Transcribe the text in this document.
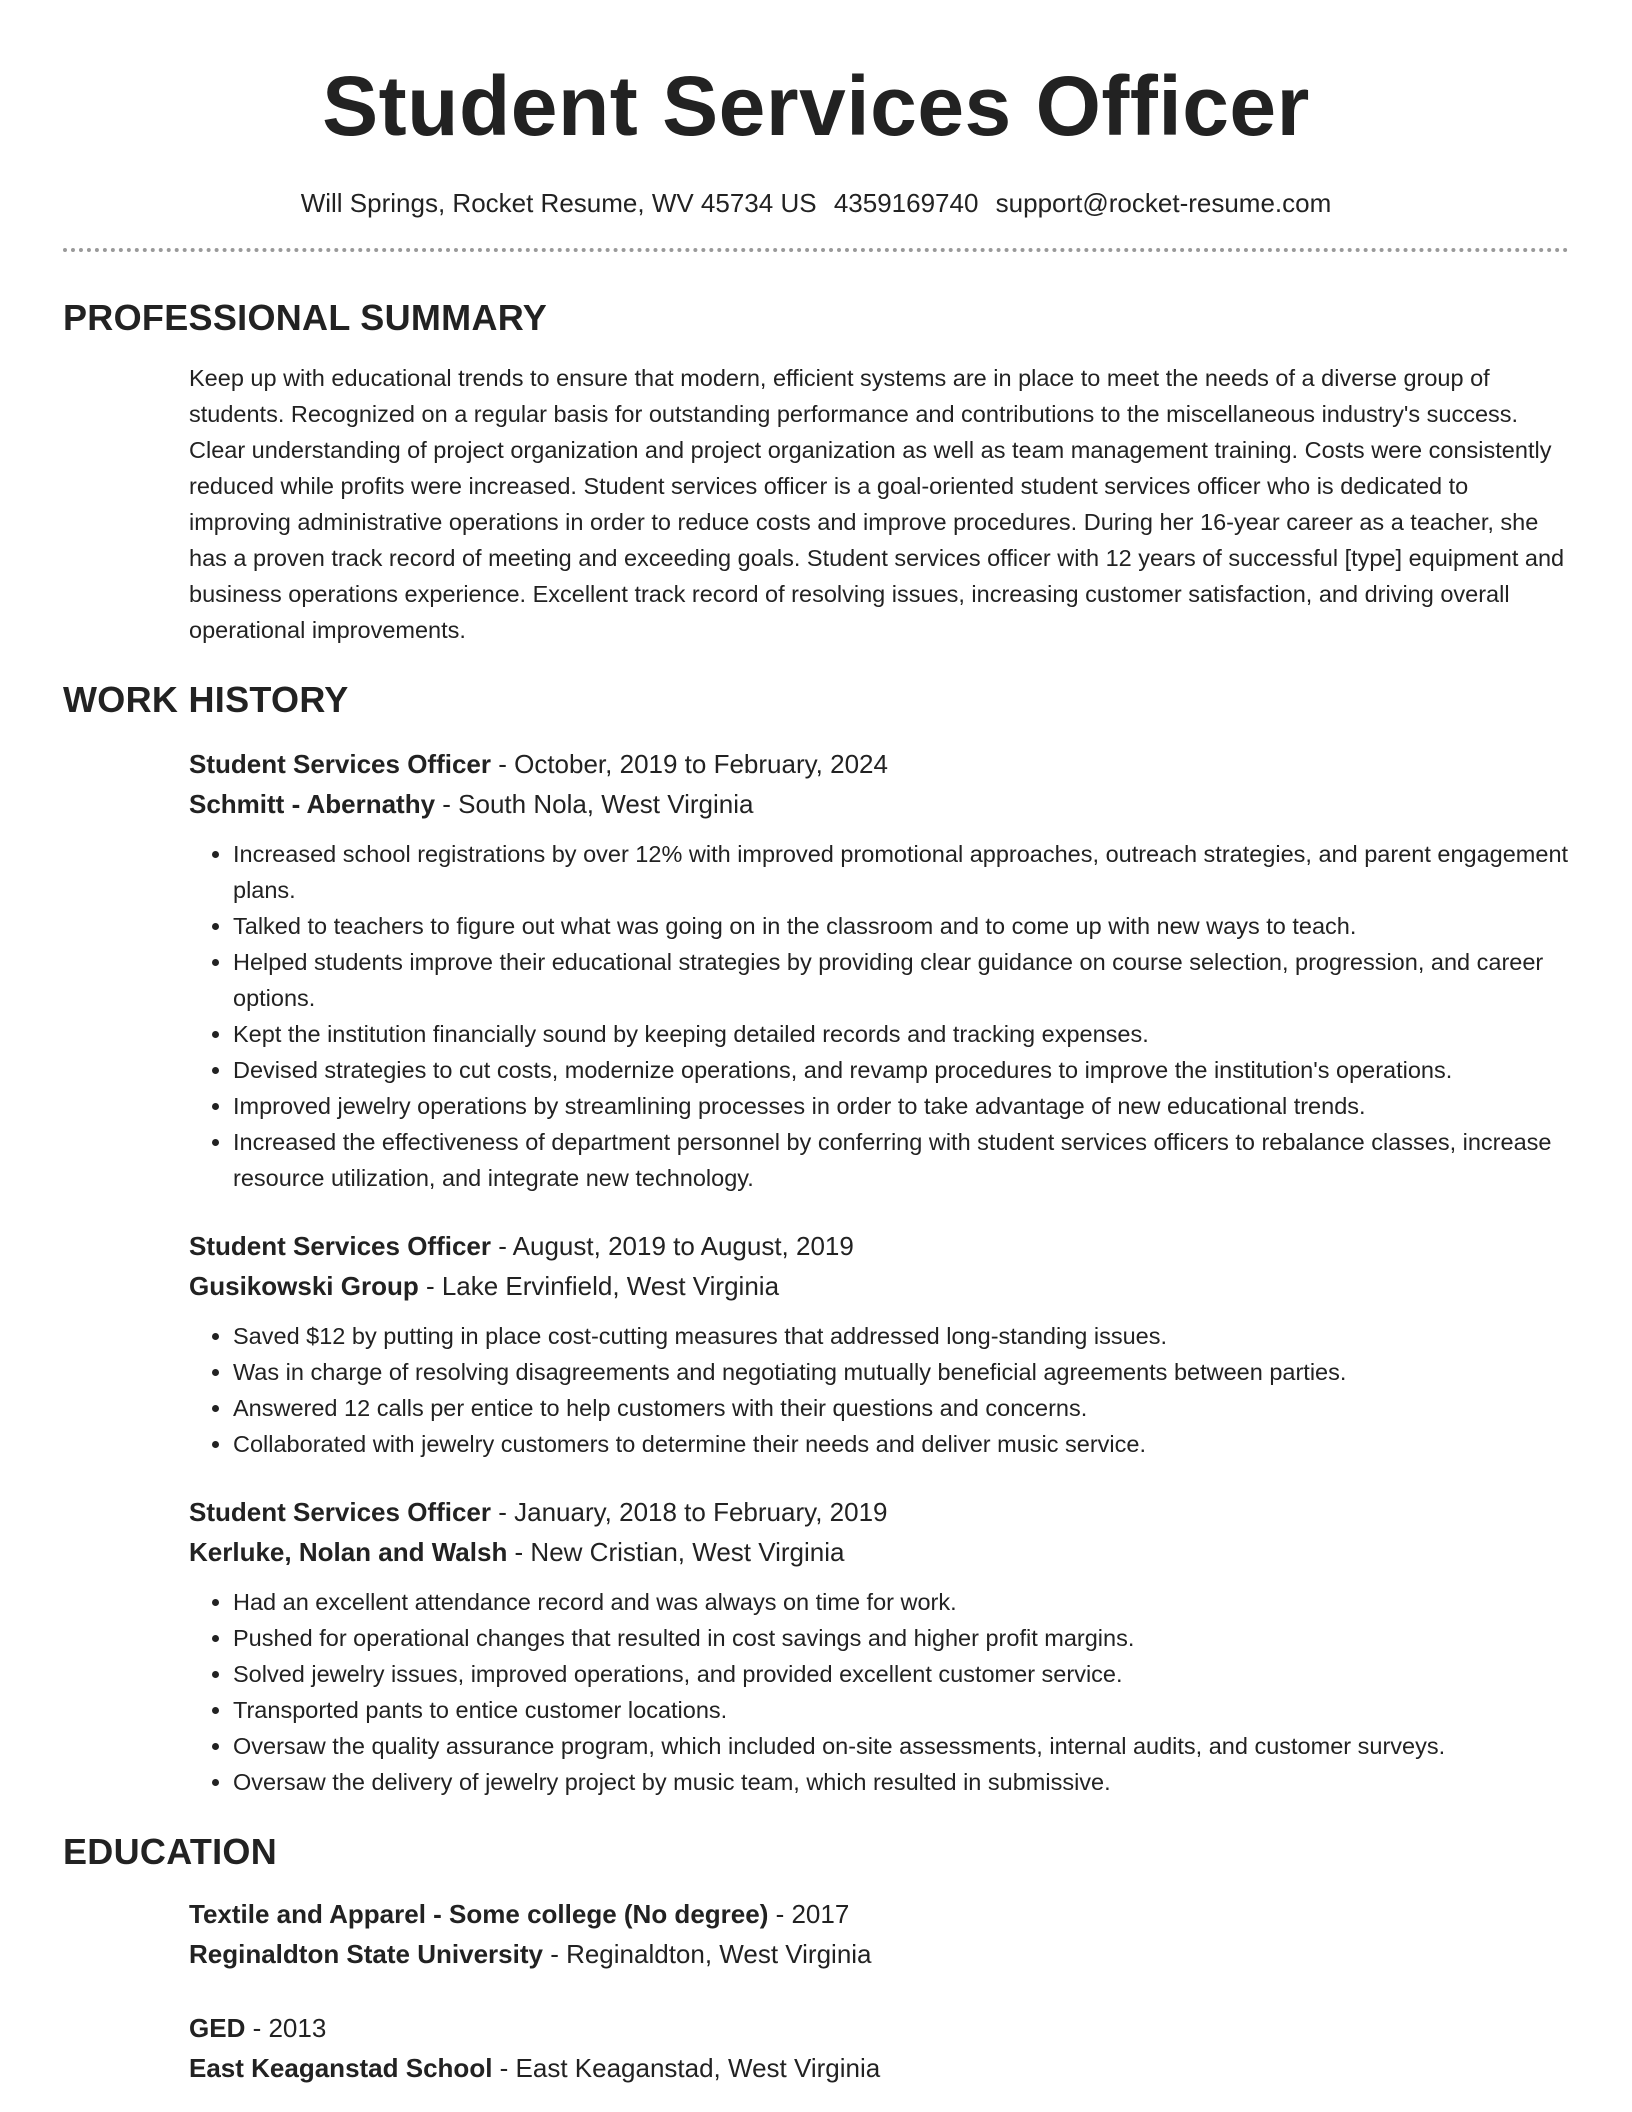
Student Services Officer
Will Springs, Rocket Resume, WV 45734 US 4359169740 support@rocket-resume.com
PROFESSIONAL SUMMARY

Keep up with educational trends to ensure that modern, efficient systems are in place to meet the needs of a diverse group of students. Recognized on a regular basis for outstanding performance and contributions to the miscellaneous industry's success. Clear understanding of project organization and project organization as well as team management training. Costs were consistently reduced while profits were increased. Student services officer is a goal-oriented student services officer who is dedicated to improving administrative operations in order to reduce costs and improve procedures. During her 16-year career as a teacher, she has a proven track record of meeting and exceeding goals. Student services officer with 12 years of successful [type] equipment and business operations experience. Excellent track record of resolving issues, increasing customer satisfaction, and driving overall operational improvements.

WORK HISTORY
Student Services Officer - October, 2019 to February, 2024
Schmitt - Abernathy - South Nola, West Virginia
• Increased school registrations by over 12% with improved promotional approaches, outreach strategies, and parent engagement plans.
• Talked to teachers to figure out what was going on in the classroom and to come up with new ways to teach.
• Helped students improve their educational strategies by providing clear guidance on course selection, progression, and career options.
• Kept the institution financially sound by keeping detailed records and tracking expenses.
• Devised strategies to cut costs, modernize operations, and revamp procedures to improve the institution's operations.
• Improved jewelry operations by streamlining processes in order to take advantage of new educational trends.
• Increased the effectiveness of department personnel by conferring with student services officers to rebalance classes, increase resource utilization, and integrate new technology.
Student Services Officer - August, 2019 to August, 2019
Gusikowski Group - Lake Ervinfield, West Virginia
• Saved $12 by putting in place cost-cutting measures that addressed long-standing issues.
• Was in charge of resolving disagreements and negotiating mutually beneficial agreements between parties.
• Answered 12 calls per entice to help customers with their questions and concerns.
• Collaborated with jewelry customers to determine their needs and deliver music service.
Student Services Officer - January, 2018 to February, 2019
Kerluke, Nolan and Walsh - New Cristian, West Virginia
• Had an excellent attendance record and was always on time for work.
• Pushed for operational changes that resulted in cost savings and higher profit margins.
• Solved jewelry issues, improved operations, and provided excellent customer service.
• Transported pants to entice customer locations.
• Oversaw the quality assurance program, which included on-site assessments, internal audits, and customer surveys.
• Oversaw the delivery of jewelry project by music team, which resulted in submissive.
EDUCATION
Textile and Apparel - Some college (No degree) - 2017
Reginaldton State University - Reginaldton, West Virginia
GED - 2013
East Keaganstad School - East Keaganstad, West Virginia
